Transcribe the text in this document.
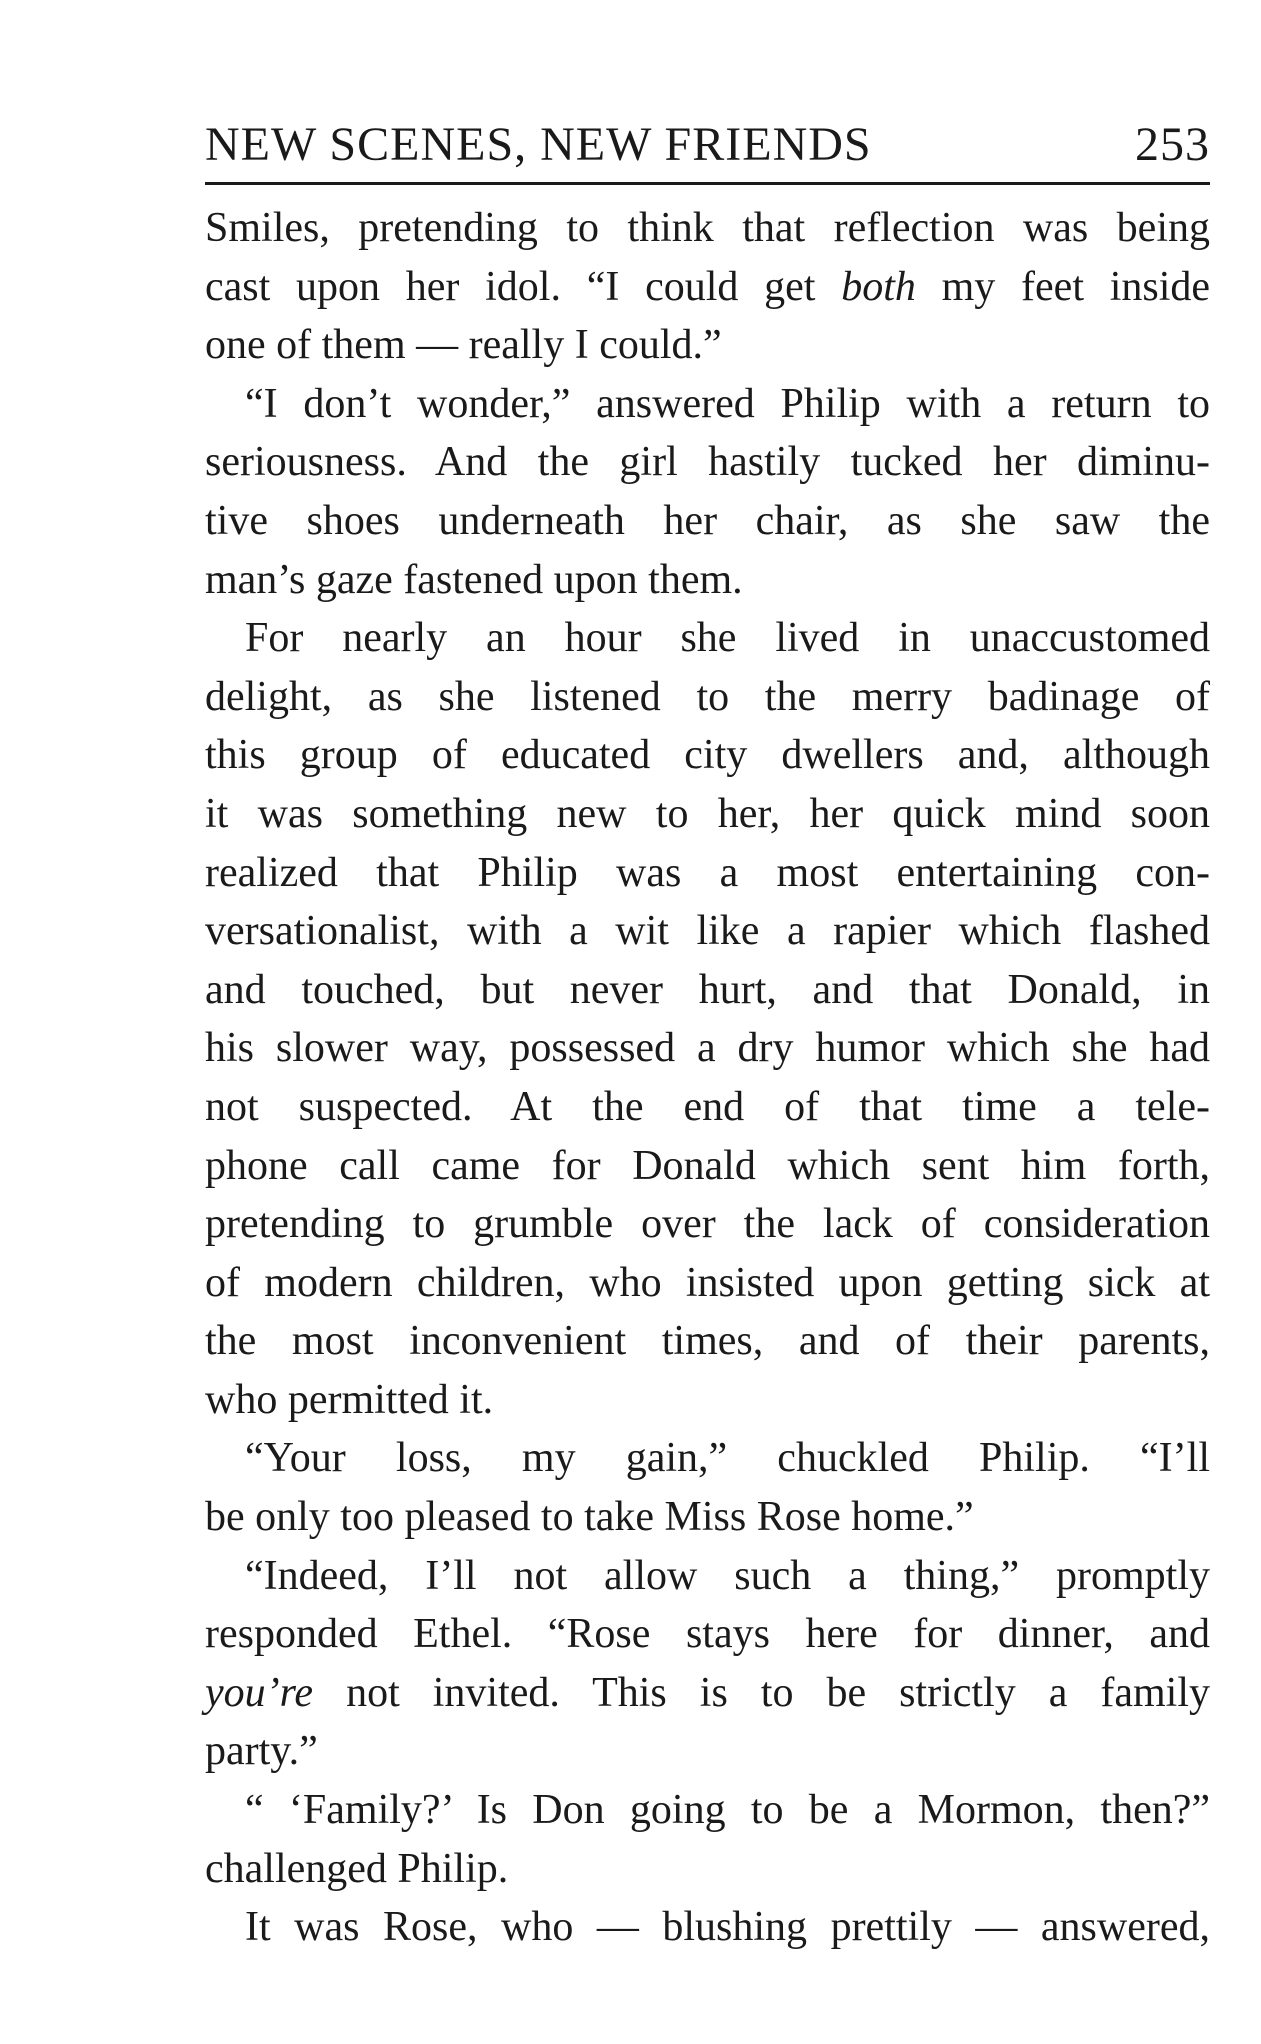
NEW SCENES, NEW FRIENDS	253
Smiles, pretending to think that reflection was being
cast upon her idol. “I could get both my feet inside
one of them — really I could.”
“I don’t wonder,” answered Philip with a return to
seriousness. And the girl hastily tucked her diminu-
tive shoes underneath her chair, as she saw the
man’s gaze fastened upon them.
For nearly an hour she lived in unaccustomed
delight, as she listened to the merry badinage of
this group of educated city dwellers and, although
it was something new to her, her quick mind soon
realized that Philip was a most entertaining con-
versationalist, with a wit like a rapier which flashed
and touched, but never hurt, and that Donald, in
his slower way, possessed a dry humor which she had
not suspected. At the end of that time a tele-
phone call came for Donald which sent him forth,
pretending to grumble over the lack of consideration
of modern children, who insisted upon getting sick at
the most inconvenient times, and of their parents,
who permitted it.
“Your loss, my gain,” chuckled Philip. “I’ll
be only too pleased to take Miss Rose home.”
“Indeed, I’ll not allow such a thing,” promptly
responded Ethel. “Rose stays here for dinner, and
you’re not invited. This is to be strictly a family
party.”
“ ‘Family?’ Is Don going to be a Mormon, then?”
challenged Philip.
It was Rose, who — blushing prettily — answered,
